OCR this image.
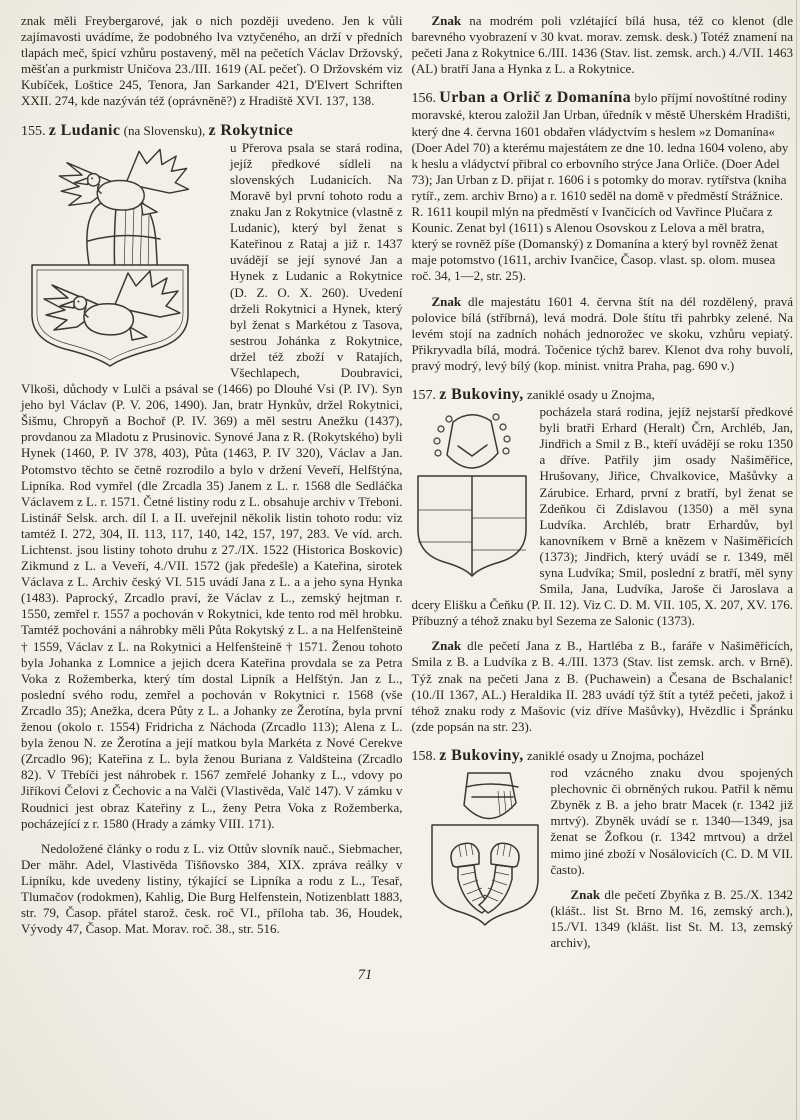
znak měli Freybergarové, jak o nich později uvedeno. Jen k vůli zajímavosti uvádíme, že podobného lva vztyčeného, an drží v předních tlapách meč, špicí vzhůru postavený, měl na pečetích Václav Držovský, měšťan a purkmistr Uničova 23./III. 1619 (AL pečeť). O Držovském viz Kubíček, Loštice 245, Tenora, Jan Sarkander 421, D'Elvert Schriften XXII. 274, kde nazýván též (oprávněně?) z Hradiště XVI. 137, 138.

155. z Ludanic (na Slovensku), z Rokytnice

u Přerova psala se stará rodina, jejíž předkové sídleli na slovenských Ludanicích. Na Moravě byl první tohoto rodu a znaku Jan z Rokytnice (vlastně z Ludanic), který byl ženat s Kateřinou z Rataj a již r. 1437 uvádějí se její synové Jan a Hynek z Ludanic a Rokytnice (D. Z. O. X. 260). Uvedení drželi Rokytnici a Hynek, který byl ženat s Markétou z Tasova, sestrou Johánka z Rokytnice, držel též zboží v Ratajích, Všechlapech, Doubravici, Vlkoši, důchody v Lulči a psával se (1466) po Dlouhé Vsi (P. IV). Syn jeho byl Václav (P. V. 206, 1490). Jan, bratr Hynkův, držel Rokytnici, Šišmu, Chropyň a Bochoř (P. IV. 369) a měl sestru Anežku (1437), provdanou za Mladotu z Prusinovic. Synové Jana z R. (Rokytského) byli Hynek (1460, P. IV 378, 403), Půta (1463, P. IV 320), Václav a Jan. Potomstvo těchto se četně rozrodilo a bylo v držení Veveří, Helfštýna, Lipníka. Rod vymřel (dle Zrcadla 35) Janem z L. r. 1568 dle Sedláčka Václavem z L. r. 1571. Četné listiny rodu z L. obsahuje archiv v Třeboni. Listinář Selsk. arch. díl I. a II. uveřejnil několik listin tohoto rodu: viz tamtéž I. 272, 304, II. 113, 117, 140, 142, 157, 197, 283. Ve víd. arch. Lichtenst. jsou listiny tohoto druhu z 27./IX. 1522 (Historica Boskovic) Zikmund z L. a Veveří, 4./VII. 1572 (jak předešle) a Kateřina, sirotek Václava z L. Archiv český VI. 515 uvádí Jana z L. a a jeho syna Hynka (1483). Paprocký, Zrcadlo praví, že Václav z L., zemský hejtman r. 1550, zemřel r. 1557 a pochován v Rokytnici, kde tento rod měl hrobku. Tamtéž pochováni a náhrobky měli Půta Rokytský z L. a na Helfenšteině † 1559, Václav z L. na Rokytnici a Helfenšteině † 1571. Ženou tohoto byla Johanka z Lomnice a jejich dcera Kateřina provdala se za Petra Voka z Rožemberka, který tím dostal Lipník a Helfštýn. Jan z L., poslední svého rodu, zemřel a pochován v Rokytnici r. 1568 (vše Zrcadlo 35); Anežka, dcera Půty z L. a Johanky ze Žerotína, byla první ženou (okolo r. 1554) Fridricha z Náchoda (Zrcadlo 113); Alena z L. byla ženou N. ze Žerotína a její matkou byla Markéta z Nové Cerekve (Zrcadlo 96); Kateřina z L. byla ženou Buriana z Valdšteina (Zrcadlo 82). V Třebíči jest náhrobek r. 1567 zemřelé Johanky z L., vdovy po Jiříkovi Čelovi z Čechovic a na Valči (Vlastivěda, Valč 147). V zámku v Roudnici jest obraz Kateřiny z L., ženy Petra Voka z Rožemberka, pocházející z r. 1580 (Hrady a zámky VIII. 171).

Nedoložené články o rodu z L. viz Ottův slovník nauč., Siebmacher, Der mähr. Adel, Vlastivěda Tišňovsko 384, XIX. zpráva reálky v Lipníku, kde uvedeny listiny, týkající se Lipníka a rodu z L., Tesař, Tlumačov (rodokmen), Kahlig, Die Burg Helfenstein, Notizenblatt 1883, str. 79, Časop. přátel starož. česk. roč VI., příloha tab. 36, Houdek, Vývody 47, Časop. Mat. Morav. roč. 38., str. 516.

Znak na modrém poli vzlétající bílá husa, též co klenot (dle barevného vyobrazení v 30 kvat. morav. zemsk. desk.) Totéž znamení na pečeti Jana z Rokytnice 6./III. 1436 (Stav. list. zemsk. arch.) 4./VII. 1463 (AL) bratří Jana a Hynka z L. a Rokytnice.

156. Urban a Orlič z Domanína bylo příjmí novoštítné rodiny moravské, kterou založil Jan Urban, úředník v městě Uherském Hradišti, který dne 4. června 1601 obdařen vládyctvím s heslem »z Domanína« (Doer Adel 70) a kterému majestátem ze dne 10. ledna 1604 voleno, aby k heslu a vládyctví přibral co erbovního strýce Jana Orliče. (Doer Adel 73); Jan Urban z D. přijat r. 1606 i s potomky do morav. rytířstva (kniha rytíř., zem. archiv Brno) a r. 1610 seděl na domě v předměstí Strážnice. R. 1611 koupil mlýn na předměstí v Ivančicích od Vavřince Plučara z Kounic. Zenat byl (1611) s Alenou Osovskou z Lelova a měl bratra, který se rovněž píše (Domanský) z Domanína a který byl rovněž ženat maje potomstvo (1611, archiv Ivančice, Časop. vlast. sp. olom. musea roč. 34, 1—2, str. 25).

Znak dle majestátu 1601 4. června štít na dél rozdělený, pravá polovice bílá (stříbrná), levá modrá. Dole štítu tři pahrbky zelené. Na levém stojí na zadních nohách jednorožec ve skoku, vzhůru vepiatý. Přikryvadla bílá, modrá. Točenice týchž barev. Klenot dva rohy buvolí, pravý modrý, levý bílý (kop. minist. vnitra Praha, pag. 690 v.)

157. z Bukoviny, zaniklé osady u Znojma,

pocházela stará rodina, jejíž nejstarší předkové byli bratři Erhard (Heralt) Črn, Archléb, Jan, Jindřich a Smil z B., kteří uvádějí se roku 1350 a dříve. Patřily jim osady Našiměřice, Hrušovany, Jiřice, Chvalkovice, Mašůvky a Zárubice. Erhard, první z bratří, byl ženat se Zdeňkou či Zdislavou (1350) a měl syna Ludvíka. Archléb, bratr Erhardův, byl kanovníkem v Brně a knězem v Našiměřicích (1373); Jindřich, který uvádí se r. 1349, měl syna Ludvíka; Smil, poslední z bratří, měl syny Smila, Jana, Ludvíka, Jaroše či Jaroslava a dcery Elišku a Čeňku (P. II. 12). Viz C. D. M. VII. 105, X. 207, XV. 176. Příbuzný a téhož znaku byl Sezema ze Salonic (1373).

Znak dle pečetí Jana z B., Hartléba z B., faráře v Našiměřicích, Smila z B. a Ludvíka z B. 4./III. 1373 (Stav. list zemsk. arch. v Brně). Týž znak na pečeti Jana z B. (Puchawein) a Česana de Bschalanic! (10./II 1367, AL.) Heraldika II. 283 uvádí týž štít a tytéž pečeti, jakož i téhož znaku rody z Mašovic (viz dříve Mašůvky), Hvězdlic i Špránku (zde popsán na str. 23).

158. z Bukoviny, zaniklé osady u Znojma, pocházel

rod vzácného znaku dvou spojených plechovnic či obrněných rukou. Patřil k němu Zbyněk z B. a jeho bratr Macek (r. 1342 již mrtvý). Zbyněk uvádí se r. 1340—1349, jsa ženat se Žofkou (r. 1342 mrtvou) a držel mimo jiné zboží v Nosálovicích (C. D. M VII. často).

Znak dle pečetí Zbyňka z B. 25./X. 1342 (klášt.. list St. Brno M. 16, zemský arch.), 15./VI. 1349 (klášt. list St. M. 13, zemský archiv),

71
